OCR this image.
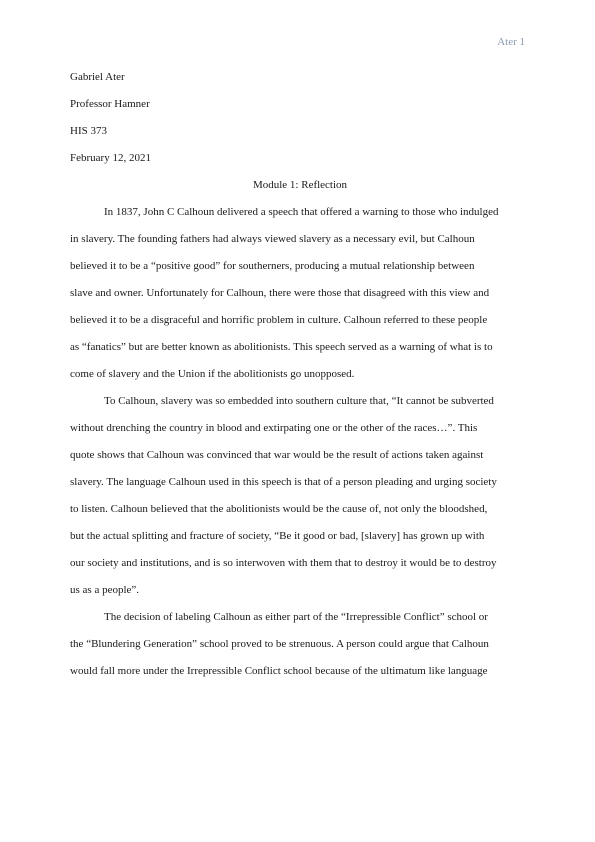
Ater 1

Gabriel Ater

Professor Hamner

HIS 373

February 12, 2021

Module 1: Reflection

In 1837, John C Calhoun delivered a speech that offered a warning to those who indulged
in slavery. The founding fathers had always viewed slavery as a necessary evil, but Calhoun
believed it to be a “positive good” for southerners, producing a mutual relationship between
slave and owner. Unfortunately for Calhoun, there were those that disagreed with this view and
believed it to be a disgraceful and horrific problem in culture. Calhoun referred to these people
as “fanatics” but are better known as abolitionists. This speech served as a warning of what is to
come of slavery and the Union if the abolitionists go unopposed.

To Calhoun, slavery was so embedded into southern culture that, “It cannot be subverted
without drenching the country in blood and extirpating one or the other of the races…”. This
quote shows that Calhoun was convinced that war would be the result of actions taken against
slavery. The language Calhoun used in this speech is that of a person pleading and urging society
to listen. Calhoun believed that the abolitionists would be the cause of, not only the bloodshed,
but the actual splitting and fracture of society, “Be it good or bad, [slavery] has grown up with
our society and institutions, and is so interwoven with them that to destroy it would be to destroy
us as a people”.

The decision of labeling Calhoun as either part of the “Irrepressible Conflict” school or
the “Blundering Generation” school proved to be strenuous. A person could argue that Calhoun
would fall more under the Irrepressible Conflict school because of the ultimatum like language
